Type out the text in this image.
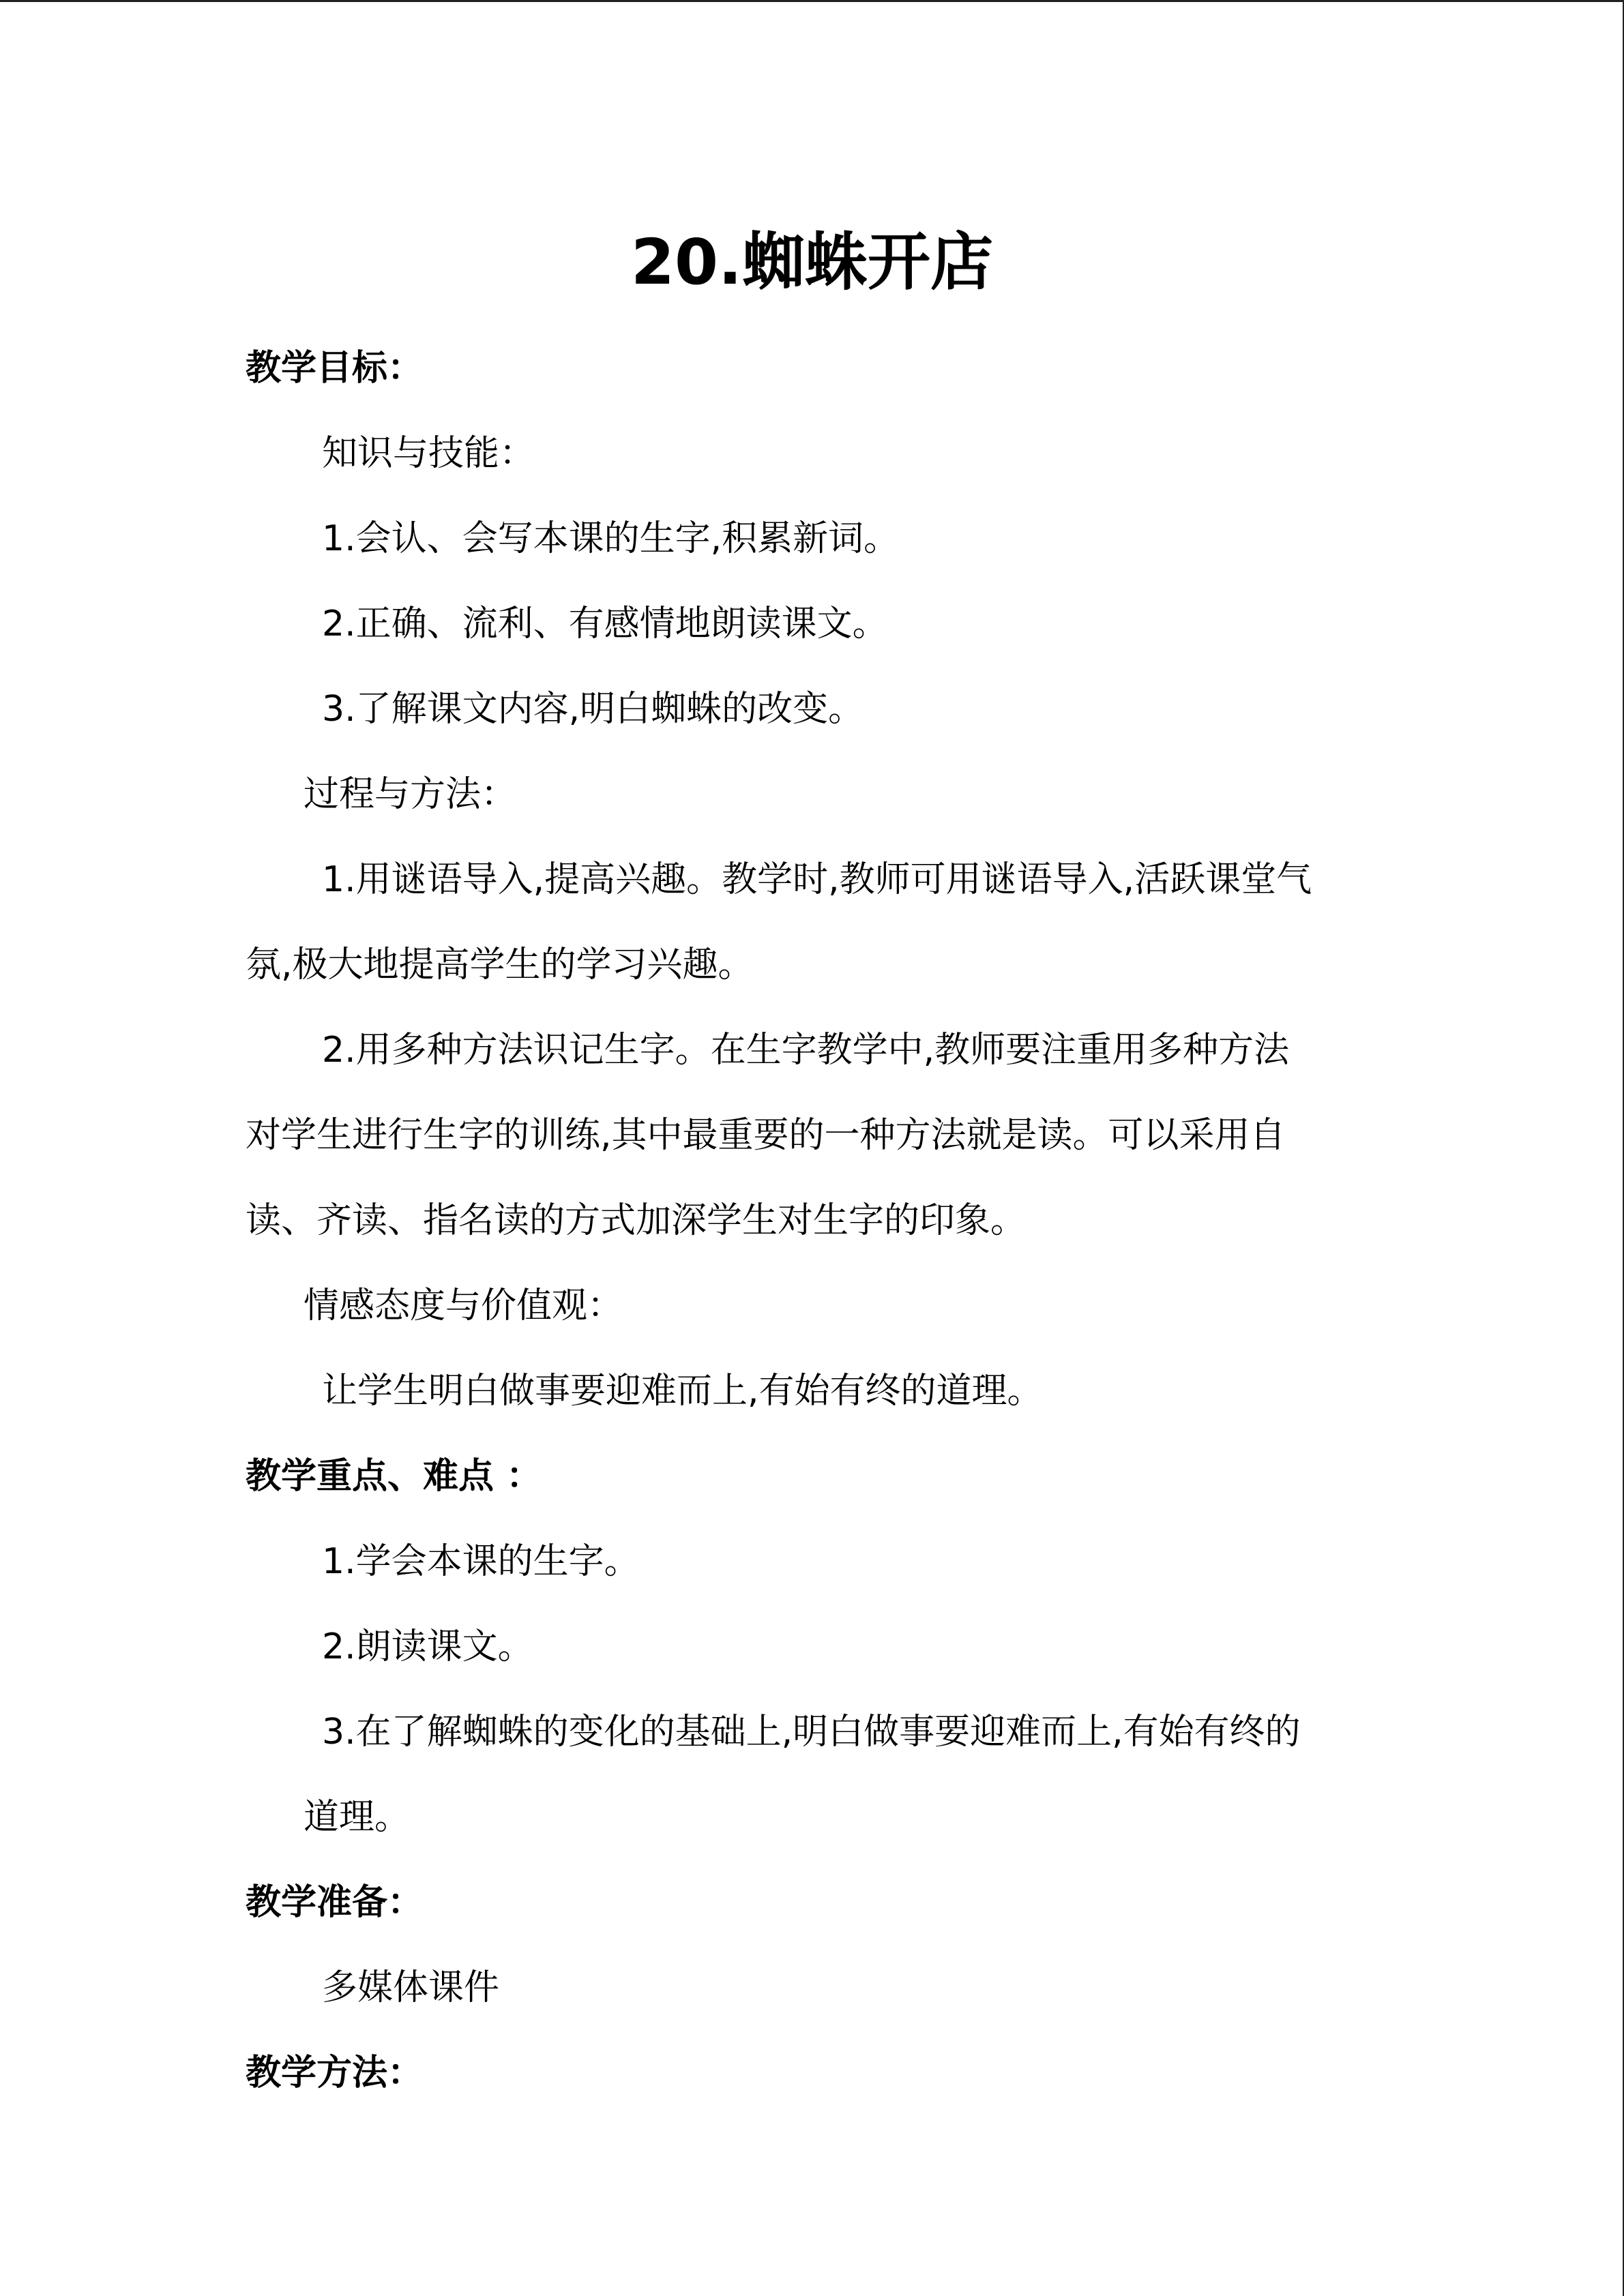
20.蜘蛛开店
教学目标：
知识与技能：
1.会认、会写本课的生字,积累新词。
2.正确、流利、有感情地朗读课文。
3.了解课文内容,明白蜘蛛的改变。
过程与方法：
1.用谜语导入,提高兴趣。教学时,教师可用谜语导入,活跃课堂气
氛,极大地提高学生的学习兴趣。
2.用多种方法识记生字。在生字教学中,教师要注重用多种方法
对学生进行生字的训练,其中最重要的一种方法就是读。可以采用自
读、齐读、指名读的方式加深学生对生字的印象。
情感态度与价值观：
让学生明白做事要迎难而上,有始有终的道理。
教学重点、难点 ：
1.学会本课的生字。
2.朗读课文。
3.在了解蜘蛛的变化的基础上,明白做事要迎难而上,有始有终的
道理。
教学准备：
多媒体课件
教学方法：
